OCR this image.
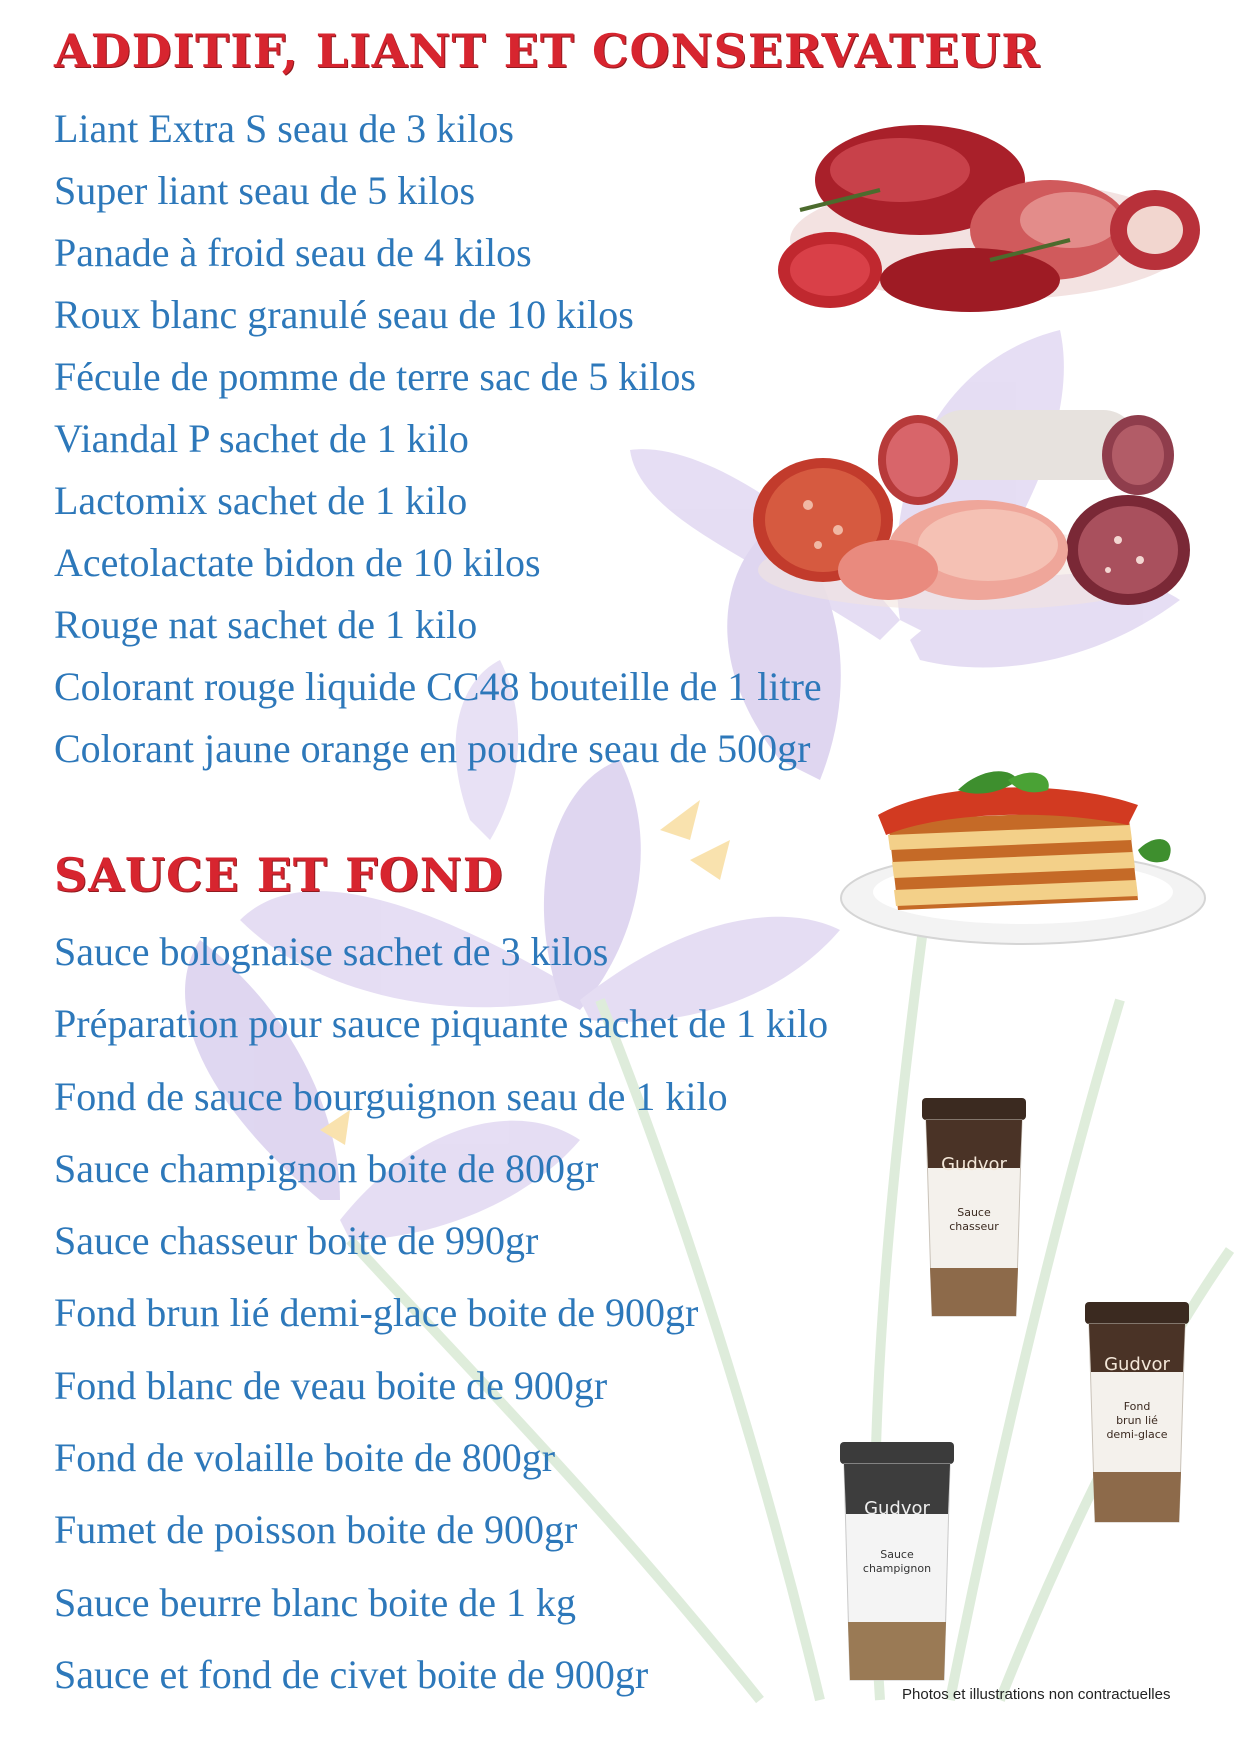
ADDITIF, LIANT ET CONSERVATEUR
Liant Extra S seau de 3 kilos
Super liant seau de 5 kilos
Panade à froid seau de 4 kilos
Roux blanc granulé seau de 10 kilos
Fécule de pomme de terre sac de 5 kilos
Viandal P sachet de 1 kilo
Lactomix sachet de 1 kilo
Acetolactate bidon de 10 kilos
Rouge nat sachet de 1 kilo
Colorant rouge liquide CC48 bouteille de 1 litre
Colorant jaune orange en poudre seau de 500gr
SAUCE ET FOND
Sauce bolognaise sachet de 3 kilos
Préparation pour sauce piquante sachet de 1 kilo
Fond de sauce bourguignon seau de 1 kilo
Sauce champignon boite de 800gr
Sauce chasseur boite de 990gr
Fond brun lié demi-glace boite de 900gr
Fond blanc de veau boite de 900gr
Fond de volaille boite de 800gr
Fumet de poisson boite de 900gr
Sauce beurre blanc boite de 1 kg
Sauce et fond de civet boite de 900gr
Gudvor
Sauce
chasseur
Gudvor
Fond
brun lié
demi-glace
Gudvor
Sauce
champignon

Photos et illustrations non contractuelles
